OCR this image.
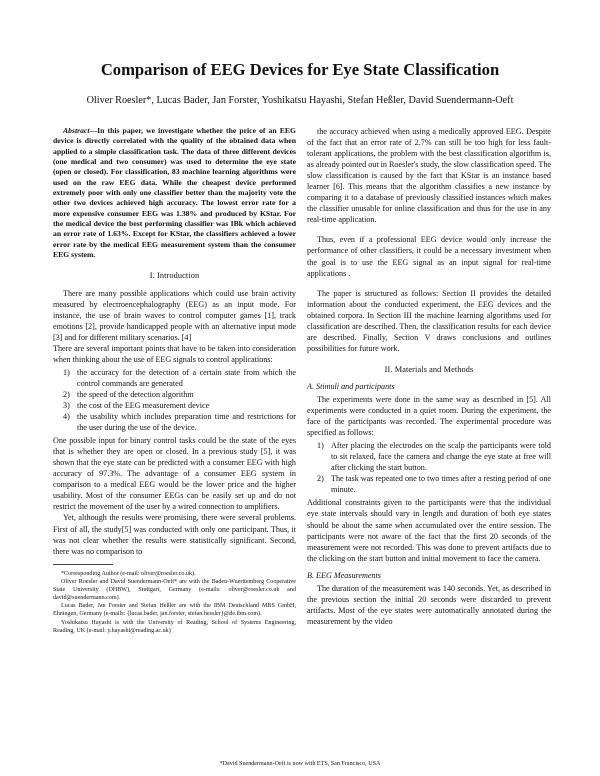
Comparison of EEG Devices for Eye State Classification
Oliver Roesler*, Lucas Bader, Jan Forster, Yoshikatsu Hayashi, Stefan Heßler, David Suendermann-Oeft

Abstract—In this paper, we investigate whether the price of an EEG device is directly correlated with the quality of the obtained data when applied to a simple classification task. The data of three different devices (one medical and two consumer) was used to determine the eye state (open or closed). For classification, 83 machine learning algorithms were used on the raw EEG data. While the cheapest device performed extremely poor with only one classifier better than the majority vote the other two devices achieved high accuracy. The lowest error rate for a more expensive consumer EEG was 1.38% and produced by KStar. For the medical device the best performing classifier was IBk which achieved an error rate of 1.63%. Except for KStar, the classifiers achieved a lower error rate by the medical EEG measurement system than the consumer EEG system.

I. Introduction

There are many possible applications which could use brain activity measured by electroencephalography (EEG) as an input mode. For instance, the use of brain waves to control computer games [1], track emotions [2], provide handicapped people with an alternative input mode [3] and for different military scenarios. [4]

There are several important points that have to be taken into consideration when thinking about the use of EEG signals to control applications:

1) the accuracy for the detection of a certain state from which the control commands are generated
2) the speed of the detection algorithm
3) the cost of the EEG measurement device
4) the usability which includes preparation time and restrictions for the user during the use of the device.

One possible input for binary control tasks could be the state of the eyes that is whether they are open or closed. In a previous study [5], it was shown that the eye state can be predicted with a consumer EEG with high accuracy of 97.3%. The advantage of a consumer EEG system in comparison to a medical EEG would be the lower price and the higher usability. Most of the consumer EEGs can be easily set up and do not restrict the movement of the user by a wired connection to amplifiers.

Yet, although the results were promising, there were several problems. First of all, the study[5] was conducted with only one participant. Thus, it was not clear whether the results were statistically significant. Second, there was no comparison to

*Corresponding Author (e-mail: oliver@roesler.co.uk).

Oliver Roesler and David Suendermann-Oeft* are with the Baden-Wuerttemberg Cooperative State University (DHBW), Stuttgart, Germany (e-mails: oliver@roesler.co.uk and david@suendermann.com).

Lucas Bader, Jan Forster and Stefan Heßler are with the IBM Deutschland MBS GmbH, Ehningen, Germany (e-mails: {lucas.bader, jan.forster, stefan.hessler}@de.ibm.com).

Yoshikatsu Hayashi is with the University of Reading, School of Systems Engineering, Reading, UK (e-mail: y.hayashi@reading.ac.uk)

the accuracy achieved when using a medically approved EEG. Despite of the fact that an error rate of 2.7% can still be too high for less fault-tolerant applications, the problem with the best classification algorithm is, as already pointed out in Roesler's study, the slow classification speed. The slow classification is caused by the fact that KStar is an instance based learner [6]. This means that the algorithm classifies a new instance by comparing it to a database of previously classified instances which makes the classifier unusable for online classification and thus for the use in any real-time application.

Thus, even if a professional EEG device would only increase the performance of other classifiers, it could be a necessary investment when the goal is to use the EEG signal as an input signal for real-time applications .

The paper is structured as follows: Section II provides the detailed information about the conducted experiment, the EEG devices and the obtained corpora. In Section III the machine learning algorithms used for classification are described. Then, the classification results for each device are described. Finally, Section V draws conclusions and outlines possibilities for future work.

II. Materials and Methods
A. Stimuli and participants

The experiments were done in the same way as described in [5]. All experiments were conducted in a quiet room. During the experiment, the face of the participants was recorded. The experimental procedure was specified as follows:

1) After placing the electrodes on the scalp the participants were told to sit relaxed, face the camera and change the eye state at free will after clicking the start button.
2) The task was repeated one to two times after a resting period of one minute.

Additional constraints given to the participants were that the individual eye state intervals should vary in length and duration of both eye states should be about the same when accumulated over the entire session. The participants were not aware of the fact that the first 20 seconds of the measurement were not recorded. This was done to prevent artifacts due to the clicking on the start button and initial movement to face the camera.

B. EEG Measurements

The duration of the measurement was 140 seconds. Yet, as described in the previous section the initial 20 seconds were discarded to prevent artifacts. Most of the eye states were automatically annotated during the measurement by the video

*David Suendermann-Oeft is now with ETS, San Francisco, USA
